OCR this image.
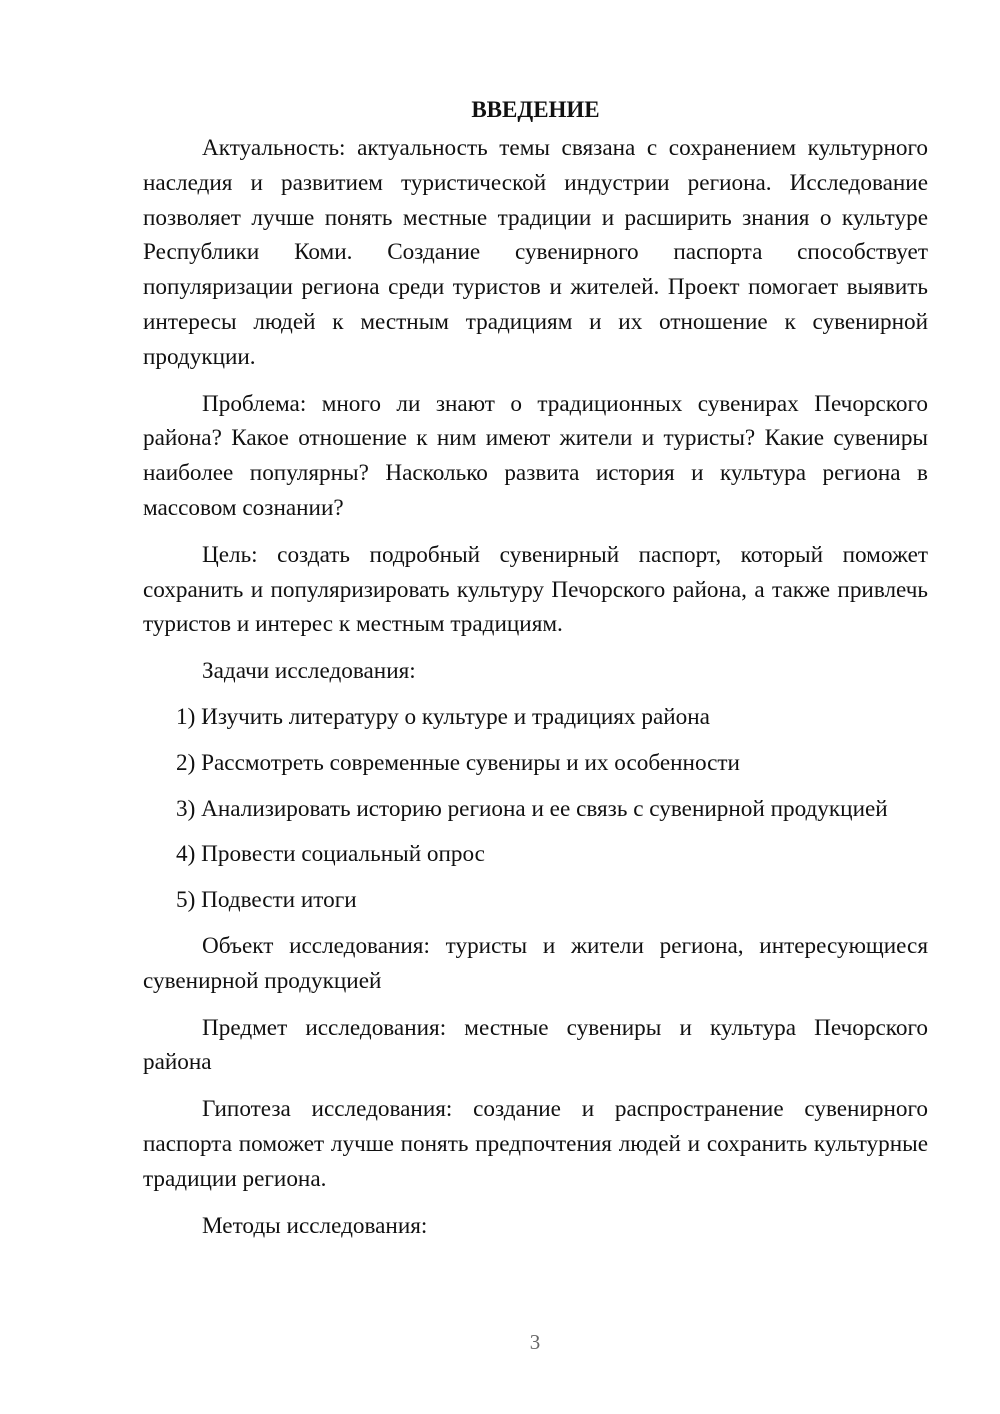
ВВЕДЕНИЕ

Актуальность: актуальность темы связана с сохранением культурного наследия и развитием туристической индустрии региона. Исследование позволяет лучше понять местные традиции и расширить знания о культуре Республики Коми. Создание сувенирного паспорта способствует популяризации региона среди туристов и жителей. Проект помогает выявить интересы людей к местным традициям и их отношение к сувенирной продукции.

Проблема: много ли знают о традиционных сувенирах Печорского района? Какое отношение к ним имеют жители и туристы? Какие сувениры наиболее популярны? Насколько развита история и культура региона в массовом сознании?

Цель: создать подробный сувенирный паспорт, который поможет сохранить и популяризировать культуру Печорского района, а также привлечь туристов и интерес к местным традициям.

Задачи исследования:

1) Изучить литературу о культуре и традициях района

2) Рассмотреть современные сувениры и их особенности

3) Анализировать историю региона и ее связь с сувенирной продукцией

4) Провести социальный опрос

5) Подвести итоги

Объект исследования: туристы и жители региона, интересующиеся сувенирной продукцией

Предмет исследования: местные сувениры и культура Печорского района

Гипотеза исследования: создание и распространение сувенирного паспорта поможет лучше понять предпочтения людей и сохранить культурные традиции региона.

Методы исследования:

3
